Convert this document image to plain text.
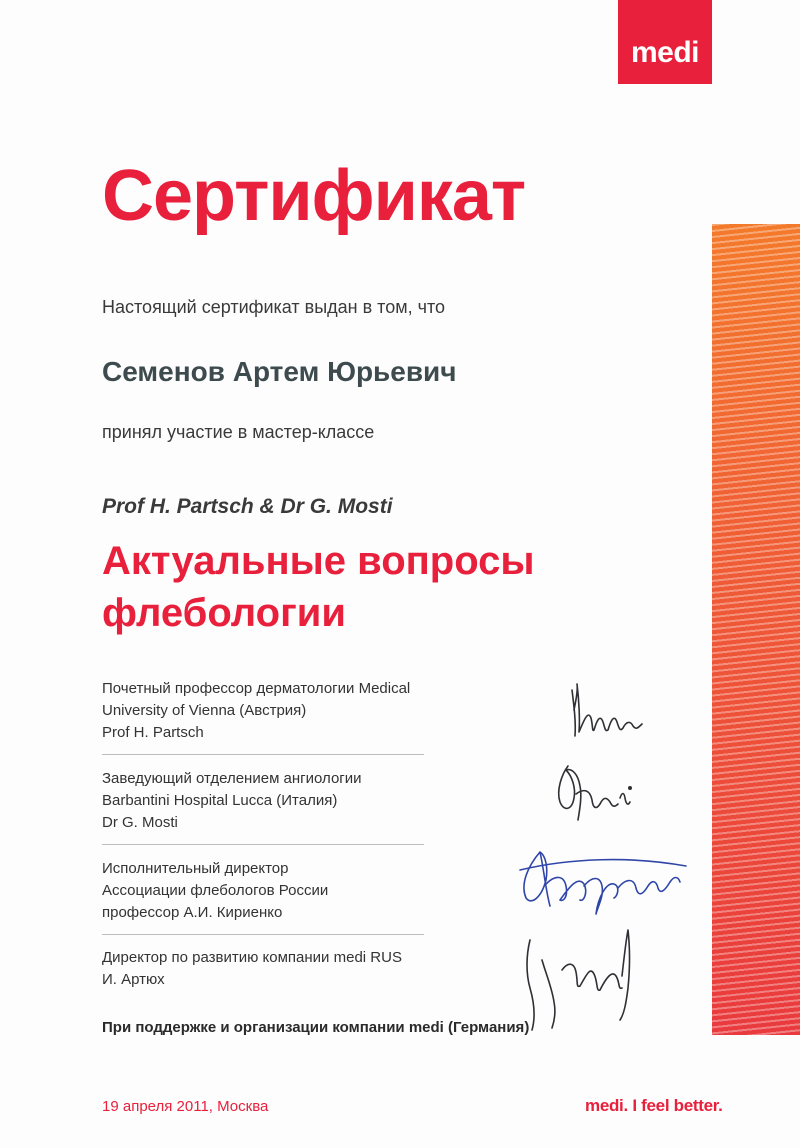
medi
Сертификат
Настоящий сертификат выдан в том, что
Семенов Артем Юрьевич
принял участие в мастер-классе
Prof H. Partsch & Dr G. Mosti
Актуальные вопросы
флебологии
Почетный профессор дерматологии Medical
University of Vienna (Австрия)
Prof H. Partsch
Заведующий отделением ангиологии
Barbantini Hospital Lucca (Италия)
Dr G. Mosti
Исполнительный директор
Ассоциации флебологов России
профессор А.И. Кириенко
Директор по развитию компании medi RUS
И. Артюх
При поддержке и организации компании medi (Германия)
19 апреля 2011, Москва	medi. I feel better.
